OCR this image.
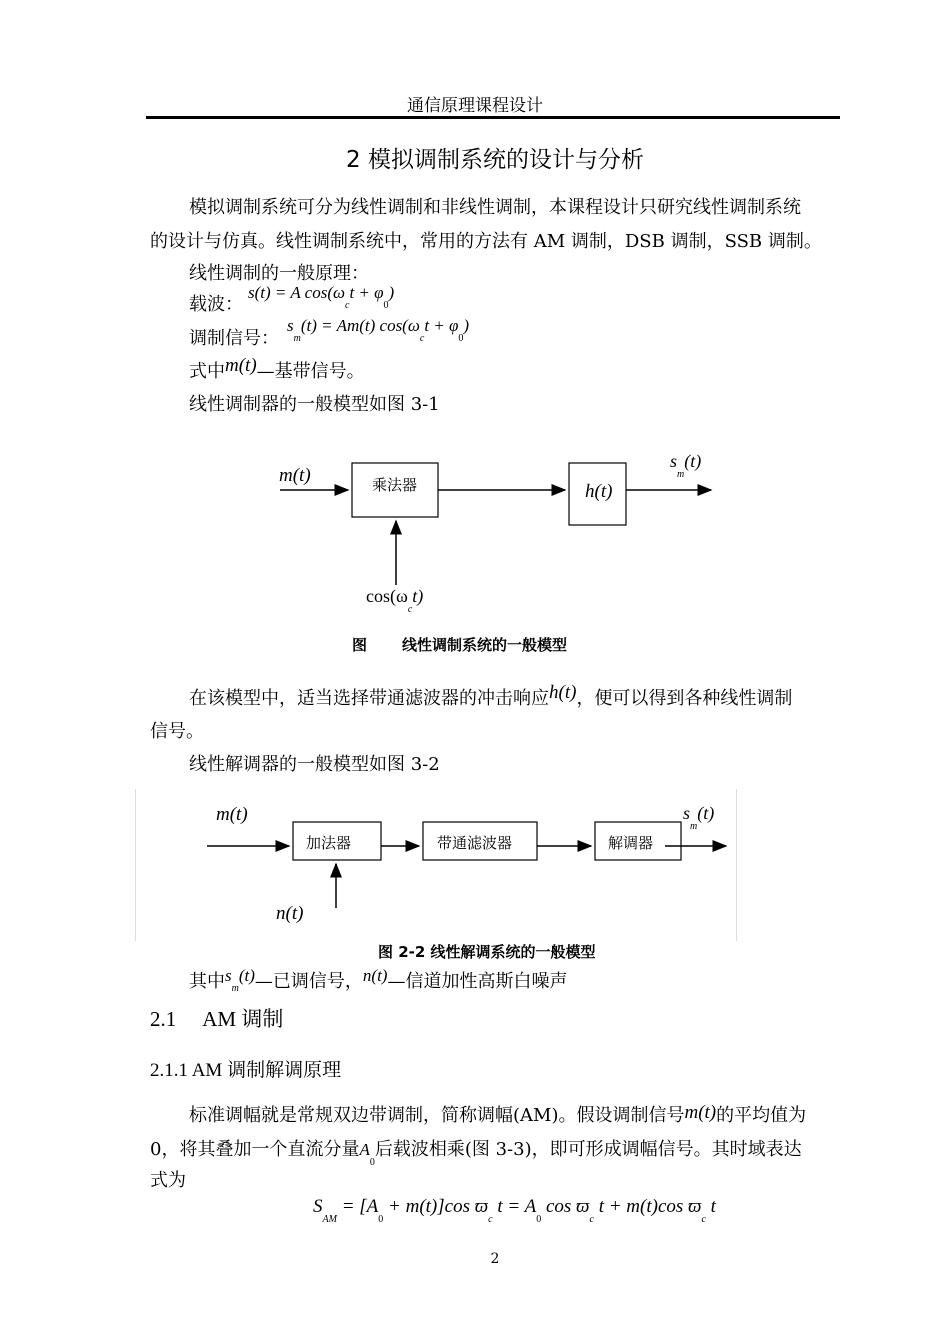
通信原理课程设计
2 模拟调制系统的设计与分析
模拟调制系统可分为线性调制和非线性调制，本课程设计只研究线性调制系统
的设计与仿真。线性调制系统中，常用的方法有 AM 调制，DSB 调制，SSB 调制。
线性调制的一般原理：
载波：
s(t) = A $\cos(\omega_ct + \varphi_0)$
调制信号：
$s_m(t) = Am(t) \cos(\omega_ct + \varphi_0)$
式中m(t)—基带信号。
线性调制器的一般模型如图 3-1
m(t)	乘法器	h(t)
$s_m(t)$
$\cos(\omega_ct)$
图 线性调制系统的一般模型
在该模型中，适当选择带通滤波器的冲击响应h(t)，便可以得到各种线性调制
信号。
线性解调器的一般模型如图 3-2
m(t)
加法器	带通滤波器	解调器
$s_m(t)$
n(t)
图 2-2 线性解调系统的一般模型
其中$s_m(t)—$已调信号，n(t)—信道加性高斯白噪声
2.1 AM 调制
2.1.1 AM 调制解调原理
标准调幅就是常规双边带调制，简称调幅(AM)。假设调制信号m(t)的平均值为
0，将其叠加一个直流分量$A_0$后载波相乘(图 3-3)，即可形成调幅信号。其时域表达
式为
$S_{AM} = [A_0 + m(t)]\cos$ $ϖ_c$ $t = A_0$ $\cos ϖ_c$ t + m(t)cos $ϖ_c$ t
2
